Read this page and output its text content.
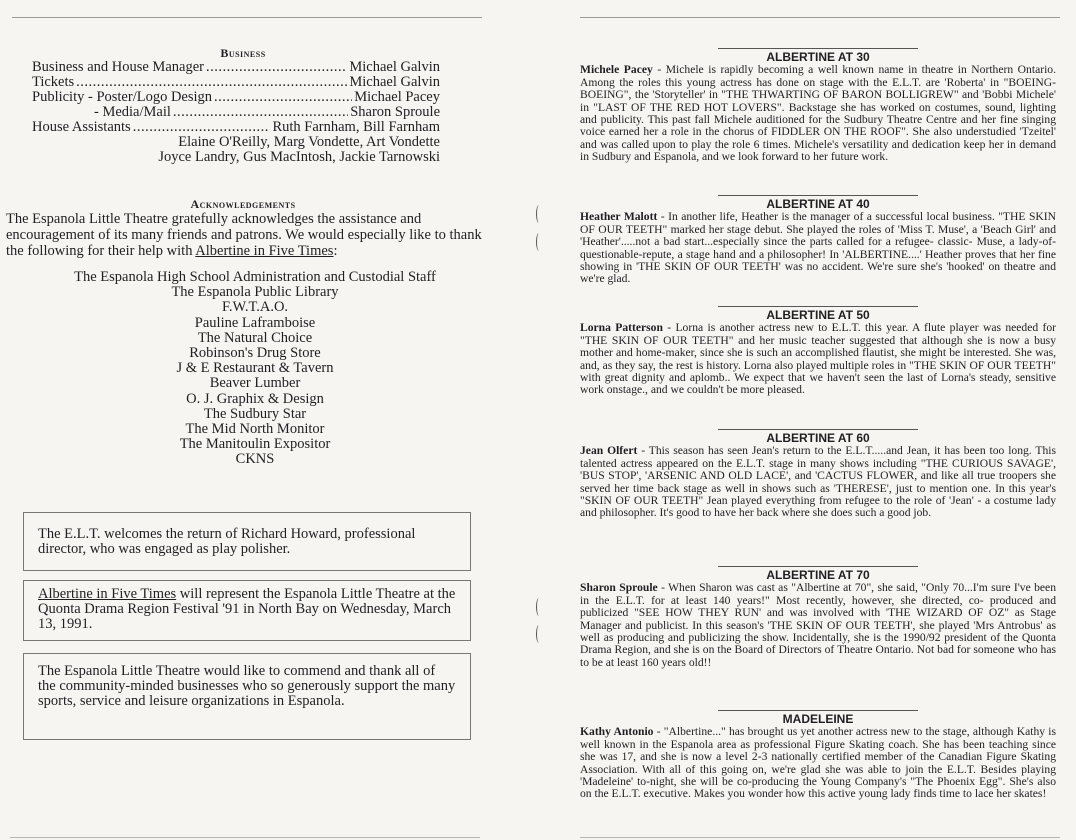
Business
Business and House Manager .....	Michael Galvin
Tickets .....	Michael Galvin
Publicity - Poster/Logo Design .....	Michael Pacey
- Media/Mail .....	Sharon Sproule
House Assistants .....	Ruth Farnham, Bill Farnham
Elaine O'Reilly, Marg Vondette, Art Vondette
Joyce Landry, Gus MacIntosh, Jackie Tarnowski
Acknowledgements
The Espanola Little Theatre gratefully acknowledges the assistance and encouragement of its many friends and patrons. We would especially like to thank the following for their help with Albertine in Five Times:
The Espanola High School Administration and Custodial Staff
The Espanola Public Library
F.W.T.A.O.
Pauline Laframboise
The Natural Choice
Robinson's Drug Store
J & E Restaurant & Tavern
Beaver Lumber
O. J. Graphix & Design
The Sudbury Star
The Mid North Monitor
The Manitoulin Expositor
CKNS
The E.L.T. welcomes the return of Richard Howard, professional director, who was engaged as play polisher.
Albertine in Five Times will represent the Espanola Little Theatre at the Quonta Drama Region Festival '91 in North Bay on Wednesday, March 13, 1991.
The Espanola Little Theatre would like to commend and thank all of the community-minded businesses who so generously support the many sports, service and leisure organizations in Espanola.
ALBERTINE AT 30
Michele Pacey - Michele is rapidly becoming a well known name in theatre in Northern Ontario. Among the roles this young actress has done on stage with the E.L.T. are 'Roberta' in "BOEING-BOEING", the 'Storyteller' in "THE THWARTING OF BARON BOLLIGREW" and 'Bobbi Michele' in "LAST OF THE RED HOT LOVERS". Backstage she has worked on costumes, sound, lighting and publicity. This past fall Michele auditioned for the Sudbury Theatre Centre and her fine singing voice earned her a role in the chorus of FIDDLER ON THE ROOF". She also understudied 'Tzeitel' and was called upon to play the role 6 times. Michele's versatility and dedication keep her in demand in Sudbury and Espanola, and we look forward to her future work.
ALBERTINE AT 40
Heather Malott - In another life, Heather is the manager of a successful local business. "THE SKIN OF OUR TEETH" marked her stage debut. She played the roles of 'Miss T. Muse', a 'Beach Girl' and 'Heather'.....not a bad start...especially since the parts called for a refugee- classic- Muse, a lady-of-questionable-repute, a stage hand and a philosopher! In 'ALBERTINE....' Heather proves that her fine showing in 'THE SKIN OF OUR TEETH' was no accident. We're sure she's 'hooked' on theatre and we're glad.
ALBERTINE AT 50
Lorna Patterson - Lorna is another actress new to E.L.T. this year. A flute player was needed for "THE SKIN OF OUR TEETH" and her music teacher suggested that although she is now a busy mother and home-maker, since she is such an accomplished flautist, she might be interested. She was, and, as they say, the rest is history. Lorna also played multiple roles in "THE SKIN OF OUR TEETH" with great dignity and aplomb.. We expect that we haven't seen the last of Lorna's steady, sensitive work onstage., and we couldn't be more pleased.
ALBERTINE AT 60
Jean Olfert - This season has seen Jean's return to the E.L.T.....and Jean, it has been too long. This talented actress appeared on the E.L.T. stage in many shows including "THE CURIOUS SAVAGE', 'BUS STOP', 'ARSENIC AND OLD LACE', and 'CACTUS FLOWER, and like all true troopers she served her time back stage as well in shows such as 'THERESE', just to mention one. In this year's "SKIN OF OUR TEETH" Jean played everything from refugee to the role of 'Jean' - a costume lady and philosopher. It's good to have her back where she does such a good job.
ALBERTINE AT 70
Sharon Sproule - When Sharon was cast as "Albertine at 70", she said, "Only 70...I'm sure I've been in the E.L.T. for at least 140 years!" Most recently, however, she directed, co- produced and publicized "SEE HOW THEY RUN' and was involved with 'THE WIZARD OF OZ" as Stage Manager and publicist. In this season's 'THE SKIN OF OUR TEETH', she played 'Mrs Antrobus' as well as producing and publicizing the show. Incidentally, she is the 1990/92 president of the Quonta Drama Region, and she is on the Board of Directors of Theatre Ontario. Not bad for someone who has to be at least 160 years old!!
MADELEINE
Kathy Antonio - "Albertine..." has brought us yet another actress new to the stage, although Kathy is well known in the Espanola area as professional Figure Skating coach. She has been teaching since she was 17, and she is now a level 2-3 nationally certified member of the Canadian Figure Skating Association. With all of this going on, we're glad she was able to join the E.L.T. Besides playing 'Madeleine' to-night, she will be co-producing the Young Company's "The Phoenix Egg". She's also on the E.L.T. executive. Makes you wonder how this active young lady finds time to lace her skates!
